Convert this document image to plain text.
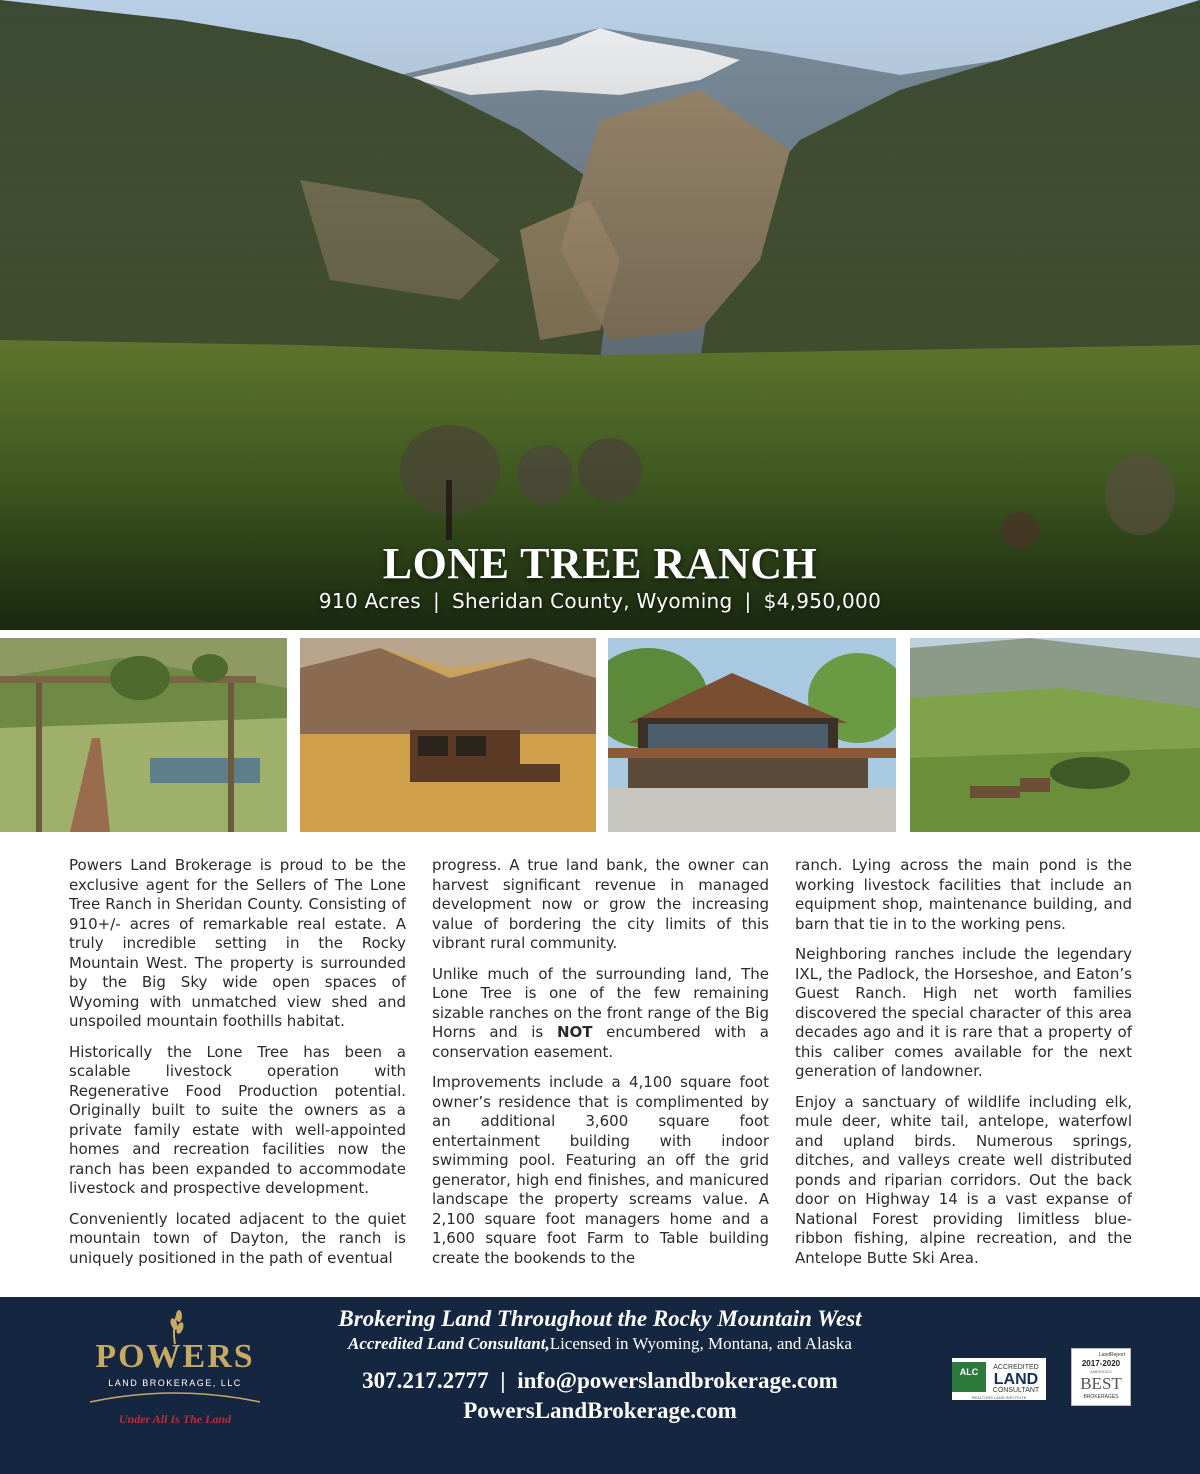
LONE TREE RANCH
910 Acres | Sheridan County, Wyoming | $4,950,000

Powers Land Brokerage is proud to be the exclusive agent for the Sellers of The Lone Tree Ranch in Sheridan County. Consisting of 910+/- acres of remarkable real estate. A truly incredible setting in the Rocky Mountain West. The property is surrounded by the Big Sky wide open spaces of Wyoming with unmatched view shed and unspoiled mountain foothills habitat.

Historically the Lone Tree has been a scalable livestock operation with Regenerative Food Production potential. Originally built to suite the owners as a private family estate with well-appointed homes and recreation facilities now the ranch has been expanded to accommodate livestock and prospective development.

Conveniently located adjacent to the quiet mountain town of Dayton, the ranch is uniquely positioned in the path of eventual

progress. A true land bank, the owner can harvest significant revenue in managed development now or grow the increasing value of bordering the city limits of this vibrant rural community.

Unlike much of the surrounding land, The Lone Tree is one of the few remaining sizable ranches on the front range of the Big Horns and is NOT encumbered with a conservation easement.

Improvements include a 4,100 square foot owner’s residence that is complimented by an additional 3,600 square foot entertainment building with indoor swimming pool. Featuring an off the grid generator, high end finishes, and manicured landscape the property screams value. A 2,100 square foot managers home and a 1,600 square foot Farm to Table building create the bookends to the

ranch. Lying across the main pond is the working livestock facilities that include an equipment shop, maintenance building, and barn that tie in to the working pens.

Neighboring ranches include the legendary IXL, the Padlock, the Horseshoe, and Eaton’s Guest Ranch. High net worth families discovered the special character of this area decades ago and it is rare that a property of this caliber comes available for the next generation of landowner.

Enjoy a sanctuary of wildlife including elk, mule deer, white tail, antelope, waterfowl and upland birds. Numerous springs, ditches, and valleys create well distributed ponds and riparian corridors. Out the back door on Highway 14 is a vast expanse of National Forest providing limitless blue-ribbon fishing, alpine recreation, and the Antelope Butte Ski Area.

POWERS
LAND BROKERAGE, LLC
Under All Is The Land
Brokering Land Throughout the Rocky Mountain West
Accredited Land Consultant,Licensed in Wyoming, Montana, and Alaska
307.217.2777 | info@powerslandbrokerage.com
PowersLandBrokerage.com
ALC ACCREDITED
LAND
CONSULTANT
REALTORS LAND INSTITUTE
LandReport
2017-2020
AMERICA'S
BEST
BROKERAGES
